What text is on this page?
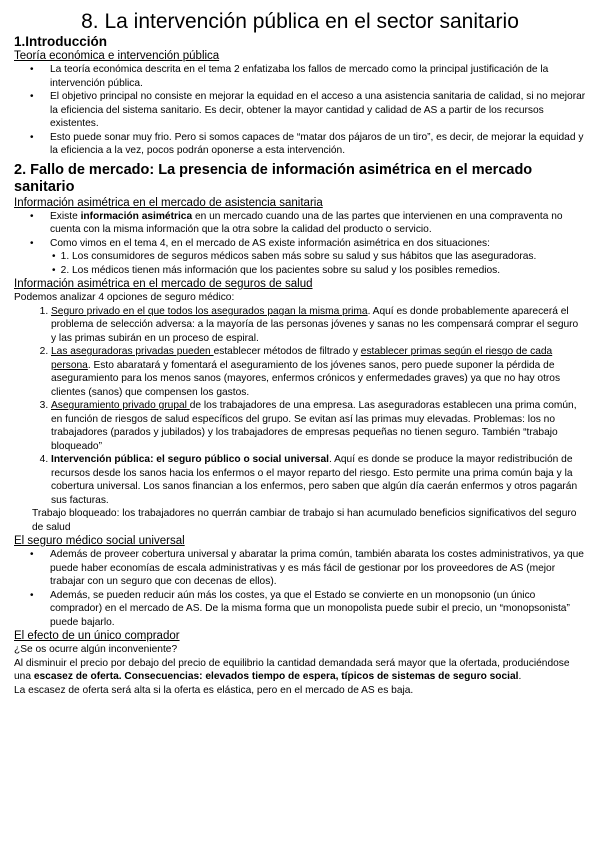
8. La intervención pública en el sector sanitario
1.Introducción
Teoría económica e intervención pública
• La teoría económica descrita en el tema 2 enfatizaba los fallos de mercado como la principal justificación de la intervención pública.
• El objetivo principal no consiste en mejorar la equidad en el acceso a una asistencia sanitaria de calidad, si no mejorar la eficiencia del sistema sanitario. Es decir, obtener la mayor cantidad y calidad de AS a partir de los recursos existentes.
• Esto puede sonar muy frio. Pero si somos capaces de “matar dos pájaros de un tiro”, es decir, de mejorar la equidad y la eficiencia a la vez, pocos podrán oponerse a esta intervención.
2. Fallo de mercado: La presencia de información asimétrica en el mercado sanitario
Información asimétrica en el mercado de asistencia sanitaria
• Existe información asimétrica en un mercado cuando una de las partes que intervienen en una compraventa no cuenta con la misma información que la otra sobre la calidad del producto o servicio.
• Como vimos en el tema 4, en el mercado de AS existe información asimétrica en dos situaciones:
• 1. Los consumidores de seguros médicos saben más sobre su salud y sus hábitos que las aseguradoras.
• 2. Los médicos tienen más información que los pacientes sobre su salud y los posibles remedios.
Información asimétrica en el mercado de seguros de salud

Podemos analizar 4 opciones de seguro médico:

1. Seguro privado en el que todos los asegurados pagan la misma prima. Aquí es donde probablemente aparecerá el problema de selección adversa: a la mayoría de las personas jóvenes y sanas no les compensará comprar el seguro y las primas subirán en un proceso de espiral.
2. Las aseguradoras privadas pueden establecer métodos de filtrado y establecer primas según el riesgo de cada persona. Esto abaratará y fomentará el aseguramiento de los jóvenes sanos, pero puede suponer la pérdida de aseguramiento para los menos sanos (mayores, enfermos crónicos y enfermedades graves) ya que no hay otros clientes (sanos) que compensen los gastos.
3. Aseguramiento privado grupal de los trabajadores de una empresa. Las aseguradoras establecen una prima común, en función de riesgos de salud específicos del grupo. Se evitan así las primas muy elevadas. Problemas: los no trabajadores (parados y jubilados) y los trabajadores de empresas pequeñas no tienen seguro. También “trabajo bloqueado”
4. Intervención pública: el seguro público o social universal. Aquí es donde se produce la mayor redistribución de recursos desde los sanos hacia los enfermos o el mayor reparto del riesgo. Esto permite una prima común baja y la cobertura universal. Los sanos financian a los enfermos, pero saben que algún día caerán enfermos y otros pagarán sus facturas.

Trabajo bloqueado: los trabajadores no querrán cambiar de trabajo si han acumulado beneficios significativos del seguro de salud

El seguro médico social universal
• Además de proveer cobertura universal y abaratar la prima común, también abarata los costes administrativos, ya que puede haber economías de escala administrativas y es más fácil de gestionar por los proveedores de AS (mejor trabajar con un seguro que con decenas de ellos).
• Además, se pueden reducir aún más los costes, ya que el Estado se convierte en un monopsonio (un único comprador) en el mercado de AS. De la misma forma que un monopolista puede subir el precio, un “monopsonista” puede bajarlo.
El efecto de un único comprador

¿Se os ocurre algún inconveniente?

Al disminuir el precio por debajo del precio de equilibrio la cantidad demandada será mayor que la ofertada, produciéndose una escasez de oferta. Consecuencias: elevados tiempo de espera, típicos de sistemas de seguro social.

La escasez de oferta será alta si la oferta es elástica, pero en el mercado de AS es baja.
